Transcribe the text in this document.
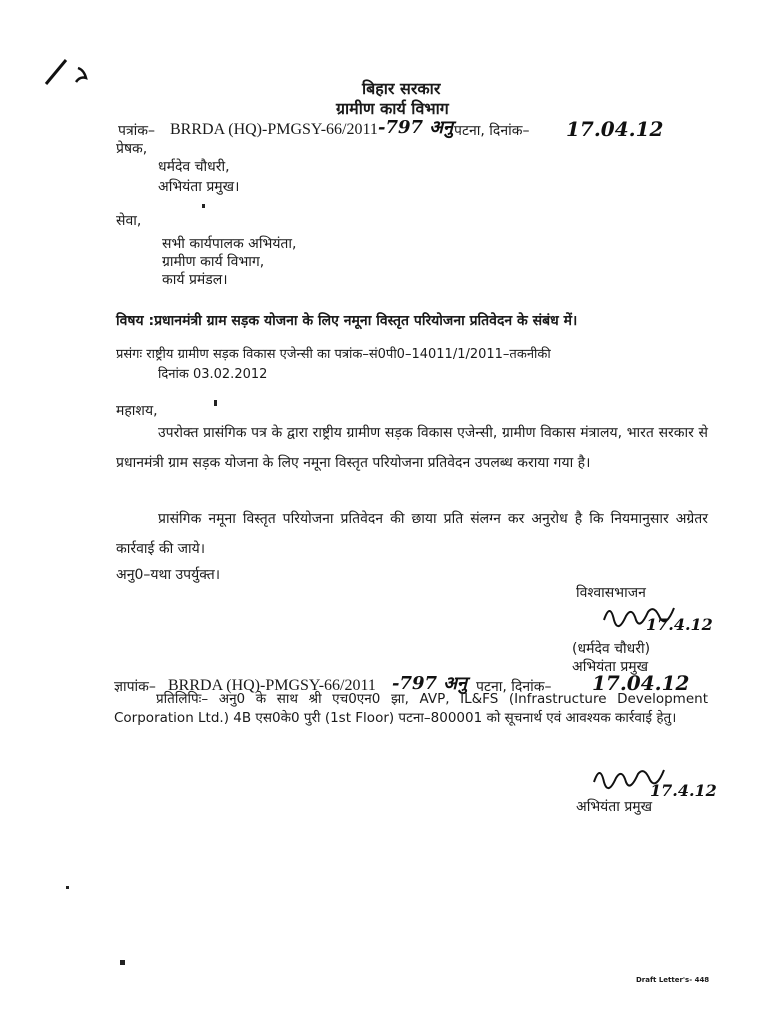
बिहार सरकार
ग्रामीण कार्य विभाग
पत्रांक– BRRDA (HQ)-PMGSY-66/2011 -797 अनु पटना, दिनांक– 17.04.12
प्रेषक,
धर्मदेव चौधरी,
अभियंता प्रमुख।
सेवा,
सभी कार्यपालक अभियंता,
ग्रामीण कार्य विभाग,
कार्य प्रमंडल।
विषय :प्रधानमंत्री ग्राम सड़क योजना के लिए नमूना विस्तृत परियोजना प्रतिवेदन के संबंध में।
प्रसंगः राष्ट्रीय ग्रामीण सड़क विकास एजेन्सी का पत्रांक–सं0पी0–14011/1/2011–तकनीकी
दिनांक 03.02.2012
महाशय,
उपरोक्त प्रासंगिक पत्र के द्वारा राष्ट्रीय ग्रामीण सड़क विकास एजेन्सी, ग्रामीण विकास मंत्रालय, भारत सरकार से प्रधानमंत्री ग्राम सड़क योजना के लिए नमूना विस्तृत परियोजना प्रतिवेदन उपलब्ध कराया गया है।
प्रासंगिक नमूना विस्तृत परियोजना प्रतिवेदन की छाया प्रति संलग्न कर अनुरोध है कि नियमानुसार अग्रेतर कार्रवाई की जाये।
अनु0–यथा उपर्युक्त।
विश्वासभाजन
17.4.12
(धर्मदेव चौधरी)
अभियंता प्रमुख
ज्ञापांक– BRRDA (HQ)-PMGSY-66/2011 -797 अनु पटना, दिनांक– 17.04.12
प्रतिलिपिः– अनु0 के साथ श्री एच0एन0 झा, AVP, IL&FS (Infrastructure Development Corporation Ltd.) 4B एस0के0 पुरी (1st Floor) पटना–800001 को सूचनार्थ एवं आवश्यक कार्रवाई हेतु।
17.4.12
अभियंता प्रमुख
Draft Letter's- 448
